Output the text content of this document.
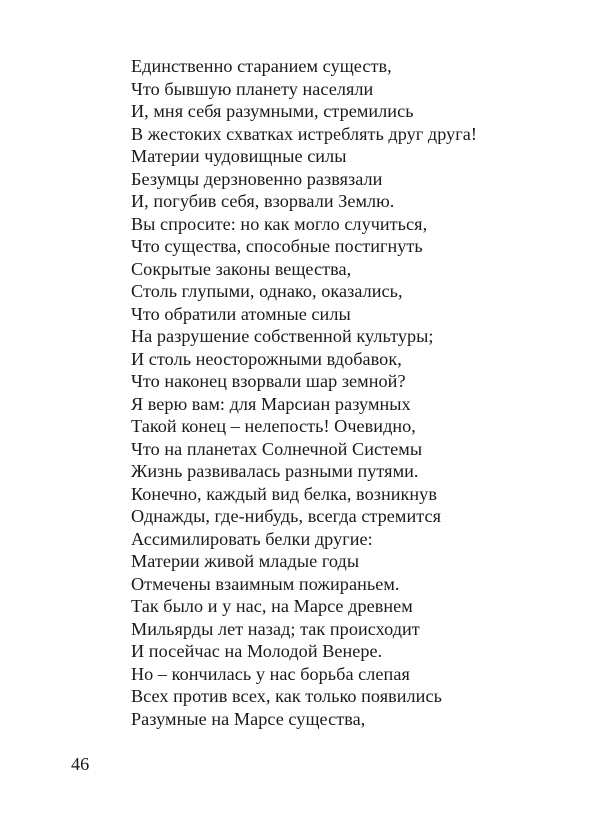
Единственно старанием существ,
Что бывшую планету населяли
И, мня себя разумными, стремились
В жестоких схватках истреблять друг друга!
Материи чудовищные силы
Безумцы дерзновенно развязали
И, погубив себя, взорвали Землю.
Вы спросите: но как могло случиться,
Что существа, способные постигнуть
Сокрытые законы вещества,
Столь глупыми, однако, оказались,
Что обратили атомные силы
На разрушение собственной культуры;
И столь неосторожными вдобавок,
Что наконец взорвали шар земной?
Я верю вам: для Марсиан разумных
Такой конец – нелепость! Очевидно,
Что на планетах Солнечной Системы
Жизнь развивалась разными путями.
Конечно, каждый вид белка, возникнув
Однажды, где-нибудь, всегда стремится
Ассимилировать белки другие:
Материи живой младые годы
Отмечены взаимным пожираньем.
Так было и у нас, на Марсе древнем
Мильярды лет назад; так происходит
И посейчас на Молодой Венере.
Но – кончилась у нас борьба слепая
Всех против всех, как только появились
Разумные на Марсе существа,
46
